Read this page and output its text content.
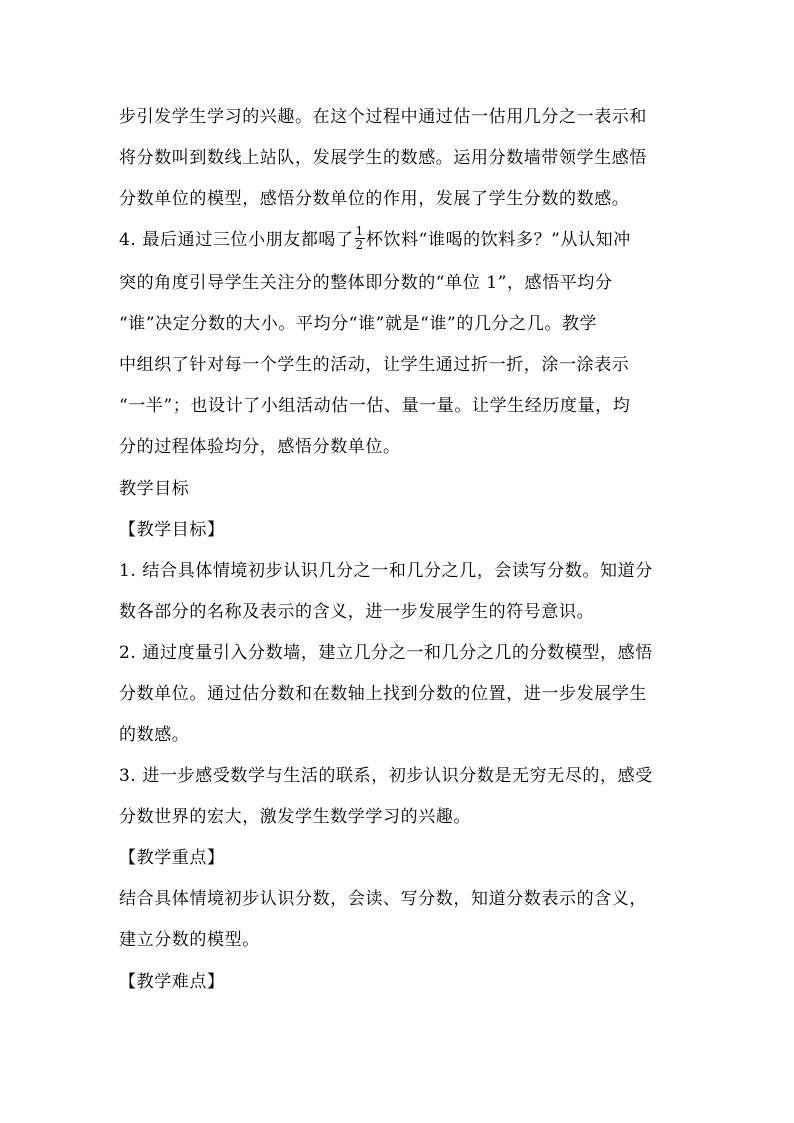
步引发学生学习的兴趣。在这个过程中通过估一估用几分之一表示和
将分数叫到数线上站队，发展学生的数感。运用分数墙带领学生感悟
分数单位的模型，感悟分数单位的作用，发展了学生分数的数感。
4. 最后通过三位小朋友都喝了 $\frac{1}{2}$ 杯饮料“谁喝的饮料多？”从认知冲
突的角度引导学生关注分的整体即分数的“单位 1”，感悟平均分
“谁”决定分数的大小。平均分“谁”就是“谁”的几分之几。教学
中组织了针对每一个学生的活动，让学生通过折一折，涂一涂表示
“一半”；也设计了小组活动估一估、量一量。让学生经历度量，均
分的过程体验均分，感悟分数单位。
教学目标
【教学目标】
1. 结合具体情境初步认识几分之一和几分之几，会读写分数。知道分
数各部分的名称及表示的含义，进一步发展学生的符号意识。
2. 通过度量引入分数墙，建立几分之一和几分之几的分数模型，感悟
分数单位。通过估分数和在数轴上找到分数的位置，进一步发展学生
的数感。
3. 进一步感受数学与生活的联系，初步认识分数是无穷无尽的，感受
分数世界的宏大，激发学生数学学习的兴趣。
【教学重点】
结合具体情境初步认识分数，会读、写分数，知道分数表示的含义，
建立分数的模型。
【教学难点】
